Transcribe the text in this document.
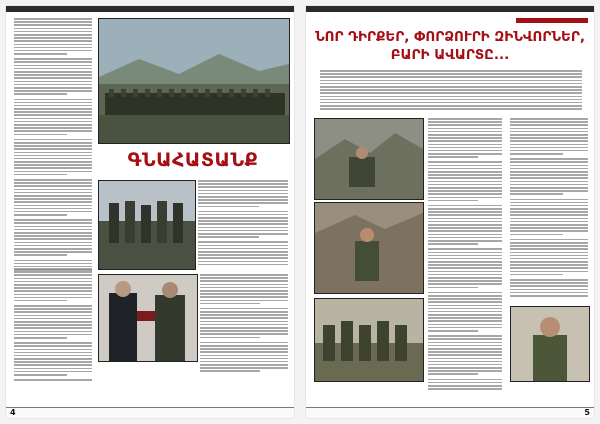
ԳՆԱՀԱՏԱՆՔ
4
ՆՈՐ ԴԻՐՔԵՐ, ՓՈՐՁՈՒՐԻ ԶԻՆՎՈՐՆԵՐ,
ԲԱՐԻ ԱՎԱՐՏԸ...
5
